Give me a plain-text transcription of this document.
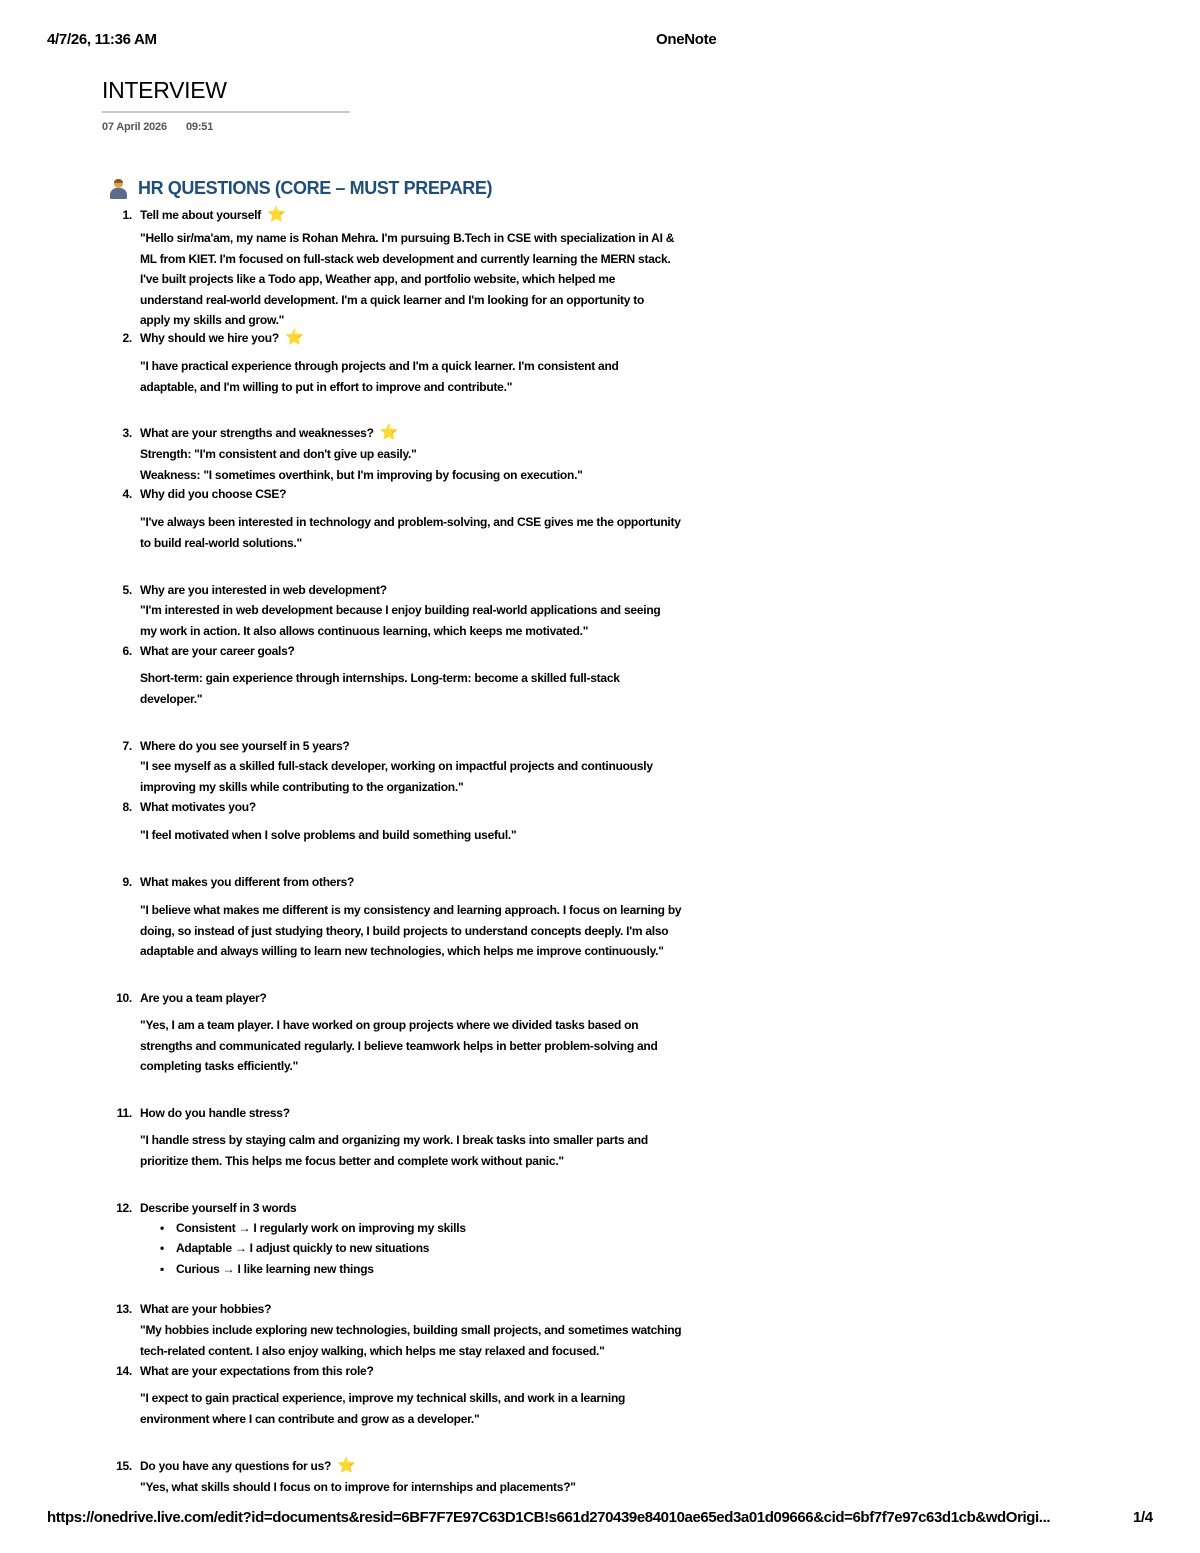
4/7/26, 11:36 AM	OneNote
INTERVIEW
07 April 2026 09:51
HR QUESTIONS (CORE – MUST PREPARE)
1. Tell me about yourself ⭐
"Hello sir/ma'am, my name is Rohan Mehra. I'm pursuing B.Tech in CSE with specialization in AI &
ML from KIET. I'm focused on full-stack web development and currently learning the MERN stack.
I've built projects like a Todo app, Weather app, and portfolio website, which helped me
understand real-world development. I'm a quick learner and I'm looking for an opportunity to
apply my skills and grow."
2. Why should we hire you? ⭐
"I have practical experience through projects and I'm a quick learner. I'm consistent and
adaptable, and I'm willing to put in effort to improve and contribute."
3. What are your strengths and weaknesses? ⭐
Strength: "I'm consistent and don't give up easily."
Weakness: "I sometimes overthink, but I'm improving by focusing on execution."
4. Why did you choose CSE?
"I've always been interested in technology and problem-solving, and CSE gives me the opportunity
to build real-world solutions."
5. Why are you interested in web development?
"I'm interested in web development because I enjoy building real-world applications and seeing
my work in action. It also allows continuous learning, which keeps me motivated."
6. What are your career goals?
Short-term: gain experience through internships. Long-term: become a skilled full-stack
developer."
7. Where do you see yourself in 5 years?
"I see myself as a skilled full-stack developer, working on impactful projects and continuously
improving my skills while contributing to the organization."
8. What motivates you?
"I feel motivated when I solve problems and build something useful."
9. What makes you different from others?
"I believe what makes me different is my consistency and learning approach. I focus on learning by
doing, so instead of just studying theory, I build projects to understand concepts deeply. I'm also
adaptable and always willing to learn new technologies, which helps me improve continuously."
10. Are you a team player?
"Yes, I am a team player. I have worked on group projects where we divided tasks based on
strengths and communicated regularly. I believe teamwork helps in better problem-solving and
completing tasks efficiently."
11. How do you handle stress?
"I handle stress by staying calm and organizing my work. I break tasks into smaller parts and
prioritize them. This helps me focus better and complete work without panic."
12. Describe yourself in 3 words
• Consistent → I regularly work on improving my skills
• Adaptable → I adjust quickly to new situations
▪ Curious → I like learning new things
13. What are your hobbies?
"My hobbies include exploring new technologies, building small projects, and sometimes watching
tech-related content. I also enjoy walking, which helps me stay relaxed and focused."
14. What are your expectations from this role?
"I expect to gain practical experience, improve my technical skills, and work in a learning
environment where I can contribute and grow as a developer."
15. Do you have any questions for us? ⭐
"Yes, what skills should I focus on to improve for internships and placements?"
https://onedrive.live.com/edit?id=documents&resid=6BF7F7E97C63D1CB!s661d270439e84010ae65ed3a01d09666&cid=6bf7f7e97c63d1cb&wdOrigi...	1/4
